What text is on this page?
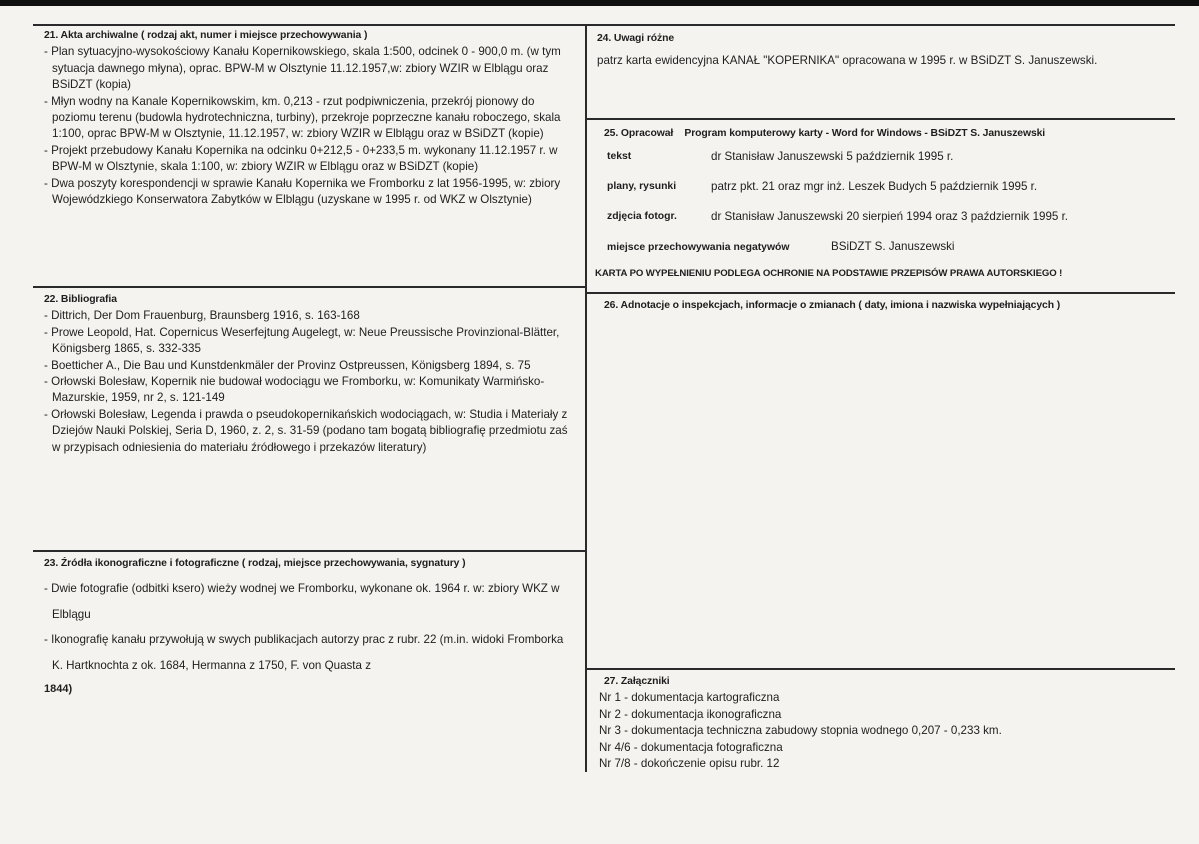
21. Akta archiwalne ( rodzaj akt, numer i miejsce przechowywania )
- Plan sytuacyjno-wysokościowy Kanału Kopernikowskiego, skala 1:500, odcinek 0 - 900,0 m. (w tym sytuacja dawnego młyna), oprac. BPW-M w Olsztynie 11.12.1957,w: zbiory WZIR w Elblągu oraz BSiDZT (kopia)
- Młyn wodny na Kanale Kopernikowskim, km. 0,213 - rzut podpiwniczenia, przekrój pionowy do poziomu terenu (budowla hydrotechniczna, turbiny), przekroje poprzeczne kanału roboczego, skala 1:100, oprac BPW-M w Olsztynie, 11.12.1957, w: zbiory WZIR w Elblągu oraz w BSiDZT (kopie)
- Projekt przebudowy Kanału Kopernika na odcinku 0+212,5 - 0+233,5 m. wykonany 11.12.1957 r. w BPW-M w Olsztynie, skala 1:100, w: zbiory WZIR w Elblągu oraz w BSiDZT (kopie)
- Dwa poszyty korespondencji w sprawie Kanału Kopernika we Fromborku z lat 1956-1995, w: zbiory Wojewódzkiego Konserwatora Zabytków w Elblągu (uzyskane w 1995 r. od WKZ w Olsztynie)
22. Bibliografia
- Dittrich, Der Dom Frauenburg, Braunsberg 1916, s. 163-168
- Prowe Leopold, Hat. Copernicus Weserfejtung Augelegt, w: Neue Preussische Provinzional-Blätter, Königsberg 1865, s. 332-335
- Boetticher A., Die Bau und Kunstdenkmäler der Provinz Ostpreussen, Königsberg 1894, s. 75
- Orłowski Bolesław, Kopernik nie budował wodociągu we Fromborku, w: Komunikaty Warmińsko-Mazurskie, 1959, nr 2, s. 121-149
- Orłowski Bolesław, Legenda i prawda o pseudokopernikańskich wodociągach, w: Studia i Materiały z Dziejów Nauki Polskiej, Seria D, 1960, z. 2, s. 31-59 (podano tam bogatą bibliografię przedmiotu zaś w przypisach odniesienia do materiału źródłowego i przekazów literatury)
23. Źródła ikonograficzne i fotograficzne ( rodzaj, miejsce przechowywania, sygnatury )
- Dwie fotografie (odbitki ksero) wieży wodnej we Fromborku, wykonane ok. 1964 r. w: zbiory WKZ w Elblągu
- Ikonografię kanału przywołują w swych publikacjach autorzy prac z rubr. 22 (m.in. widoki Fromborka K. Hartknochta z ok. 1684, Hermanna z 1750, F. von Quasta z
1844)
24. Uwagi różne
patrz karta ewidencyjna KANAŁ "KOPERNIKA" opracowana w 1995 r. w BSiDZT S. Januszewski.
25. Opracował Program komputerowy karty - Word for Windows - BSiDZT S. Januszewski
tekst	dr Stanisław Januszewski 5 październik 1995 r.
plany, rysunki	patrz pkt. 21 oraz mgr inż. Leszek Budych 5 październik 1995 r.
zdjęcia fotogr.	dr Stanisław Januszewski 20 sierpień 1994 oraz 3 październik 1995 r.
miejsce przechowywania negatywów	BSiDZT S. Januszewski
KARTA PO WYPEŁNIENIU PODLEGA OCHRONIE NA PODSTAWIE PRZEPISÓW PRAWA AUTORSKIEGO !
26. Adnotacje o inspekcjach, informacje o zmianach ( daty, imiona i nazwiska wypełniających )
27. Załączniki
Nr 1 - dokumentacja kartograficzna
Nr 2 - dokumentacja ikonograficzna
Nr 3 - dokumentacja techniczna zabudowy stopnia wodnego 0,207 - 0,233 km.
Nr 4/6 - dokumentacja fotograficzna
Nr 7/8 - dokończenie opisu rubr. 12
